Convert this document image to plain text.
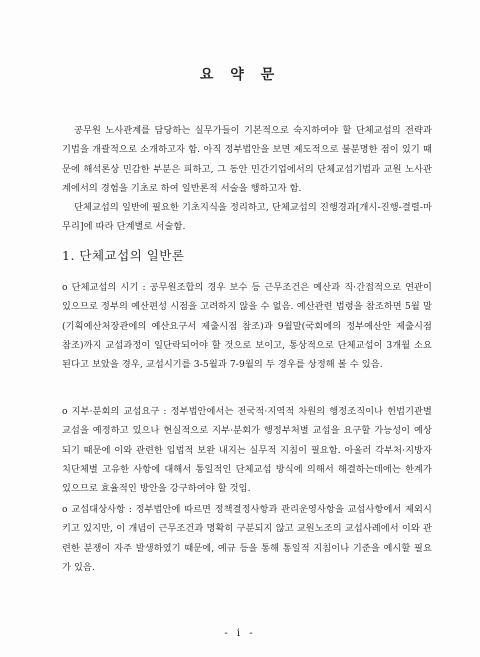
요 약 문

공무원 노사관계를 담당하는 실무가들이 기본적으로 숙지하여야 할 단체교섭의 전략과 기법을 개괄적으로 소개하고자 함. 아직 정부법안을 보면 제도적으로 불분명한 점이 있기 때문에 해석론상 민감한 부분은 피하고, 그 동안 민간기업에서의 단체교섭기법과 교원 노사관계에서의 경험을 기초로 하여 일반론적 서술을 행하고자 함.

단체교섭의 일반에 필요한 기초지식을 정리하고, 단체교섭의 진행경과[개시-진행-결렬-마무리]에 따라 단계별로 서술함.

1. 단체교섭의 일반론

o 단체교섭의 시기 : 공무원조합의 경우 보수 등 근무조건은 예산과 직·간접적으로 연관이 있으므로 정부의 예산편성 시점을 고려하지 않을 수 없음. 예산관련 법령을 참조하면 5월 말(기획예산처장관에의 예산요구서 제출시점 참조)과 9월말(국회에의 정부예산안 제출시점 참조)까지 교섭과정이 일단락되어야 할 것으로 보이고, 통상적으로 단체교섭이 3개월 소요된다고 보았을 경우, 교섭시기를 3-5월과 7-9월의 두 경우를 상정해 볼 수 있음.

o 지부·분회의 교섭요구 : 정부법안에서는 전국적·지역적 차원의 행정조직이나 헌법기관별 교섭을 예정하고 있으나 현실적으로 지부·분회가 행정부처별 교섭을 요구할 가능성이 예상되기 때문에 이와 관련한 입법적 보완 내지는 실무적 지침이 필요함. 아울러 각부처·지방자치단체별 고유한 사항에 대해서 통일적인 단체교섭 방식에 의해서 해결하는데에는 한계가 있으므로 효율적인 방안을 강구하여야 할 것임.

o 교섭대상사항 : 정부법안에 따르면 정책결정사항과 관리운영사항을 교섭사항에서 제외시키고 있지만, 이 개념이 근무조건과 명확히 구분되지 않고 교원노조의 교섭사례에서 이와 관련한 분쟁이 자주 발생하였기 때문에, 예규 등을 통해 통일적 지침이나 기준을 예시할 필요가 있음.

- i -
